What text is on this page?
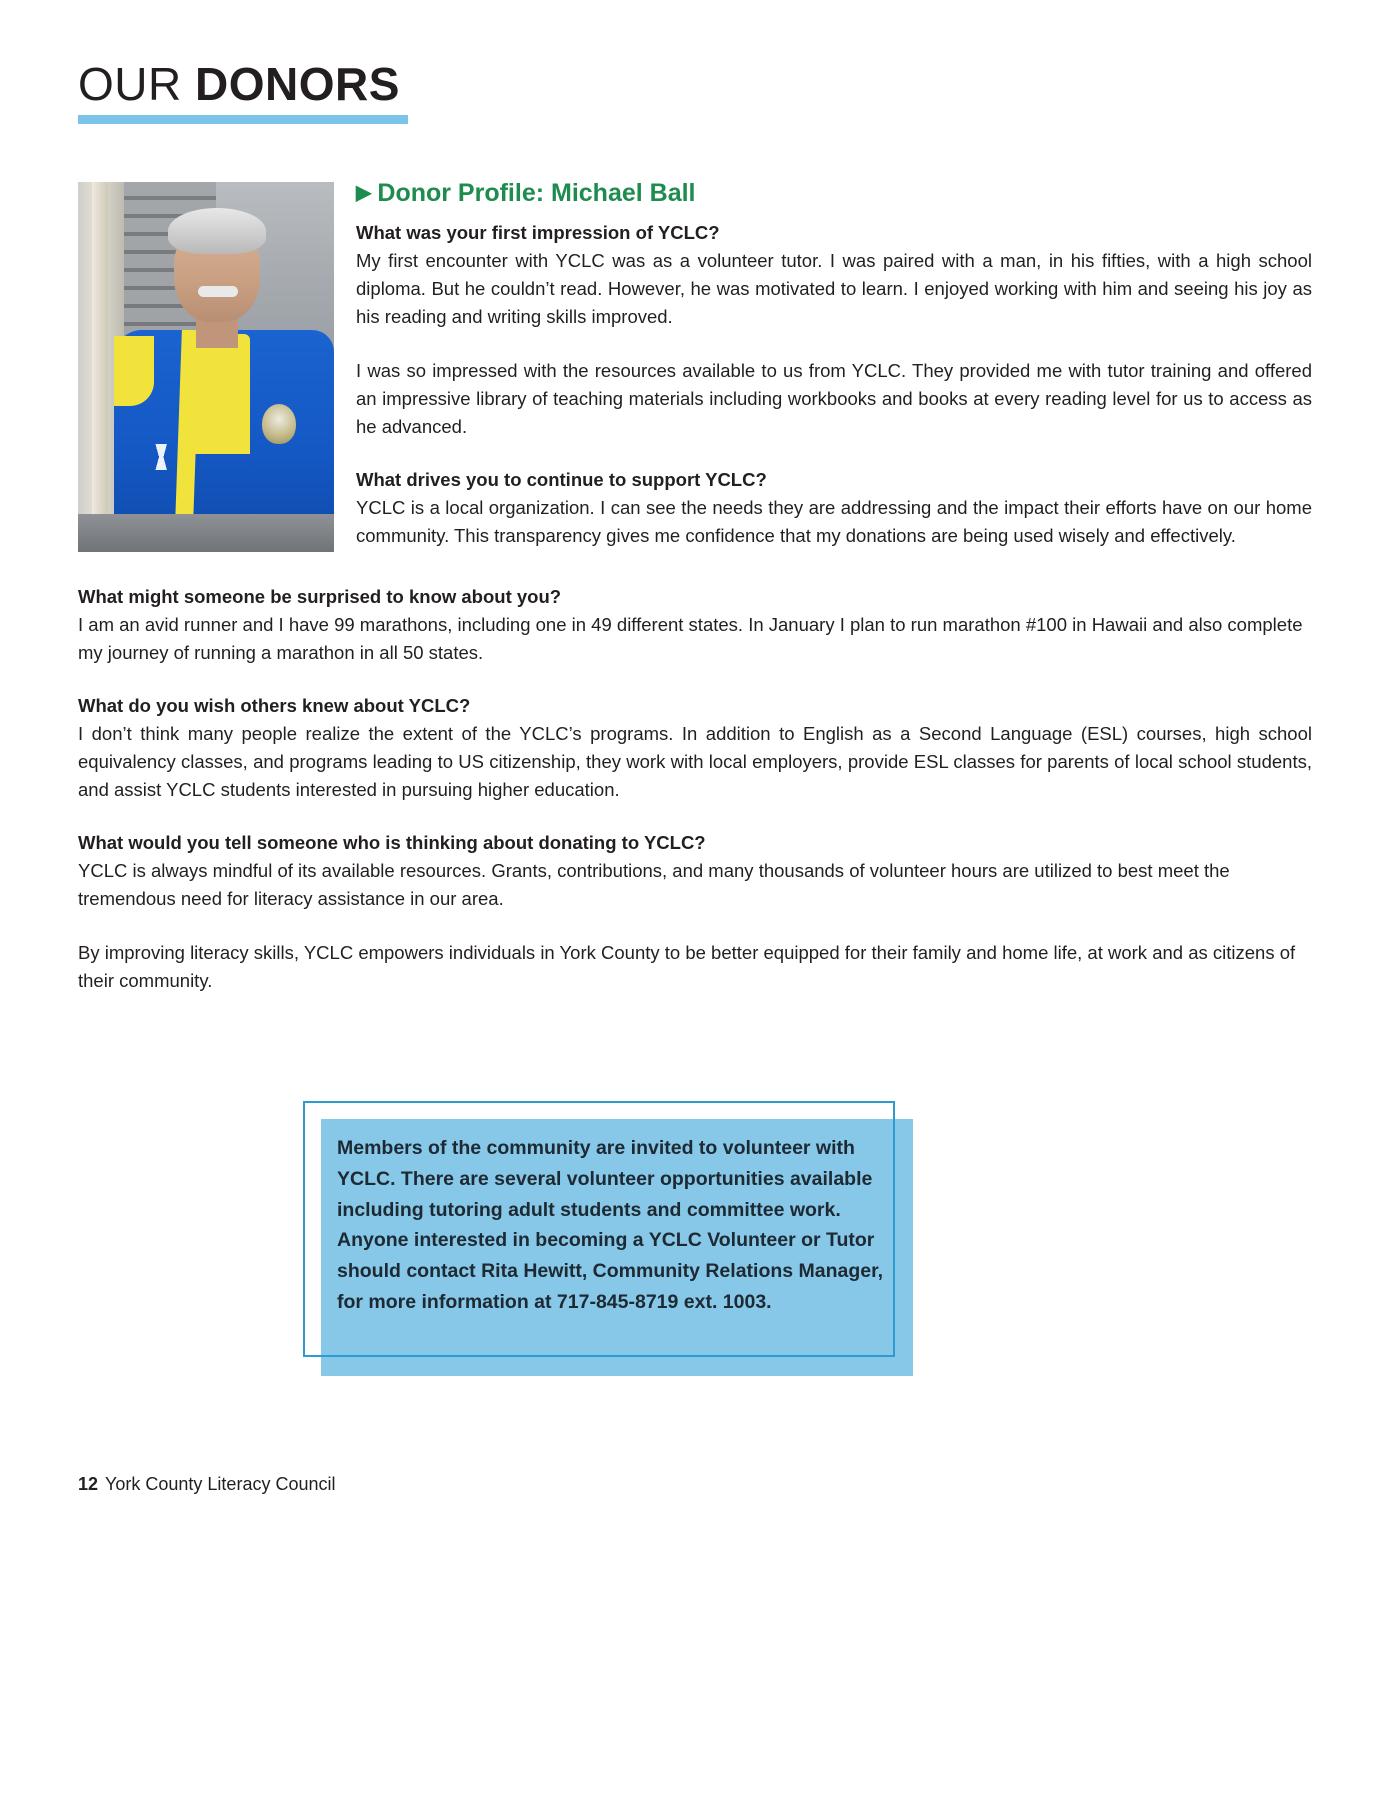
OUR DONORS
▶ Donor Profile: Michael Ball

What was your first impression of YCLC?

My first encounter with YCLC was as a volunteer tutor. I was paired with a man, in his fifties, with a high school diploma. But he couldn’t read. However, he was motivated to learn. I enjoyed working with him and seeing his joy as his reading and writing skills improved.

I was so impressed with the resources available to us from YCLC. They provided me with tutor training and offered an impressive library of teaching materials including workbooks and books at every reading level for us to access as he advanced.

What drives you to continue to support YCLC?

YCLC is a local organization. I can see the needs they are addressing and the impact their efforts have on our home community. This transparency gives me confidence that my donations are being used wisely and effectively.

What might someone be surprised to know about you?

I am an avid runner and I have 99 marathons, including one in 49 different states. In January I plan to run marathon #100 in Hawaii and also complete my journey of running a marathon in all 50 states.

What do you wish others knew about YCLC?

I don’t think many people realize the extent of the YCLC’s programs. In addition to English as a Second Language (ESL) courses, high school equivalency classes, and programs leading to US citizenship, they work with local employers, provide ESL classes for parents of local school students, and assist YCLC students interested in pursuing higher education.

What would you tell someone who is thinking about donating to YCLC?

YCLC is always mindful of its available resources. Grants, contributions, and many thousands of volunteer hours are utilized to best meet the tremendous need for literacy assistance in our area.

By improving literacy skills, YCLC empowers individuals in York County to be better equipped for their family and home life, at work and as citizens of their community.

Members of the community are invited to volunteer with YCLC. There are several volunteer opportunities available including tutoring adult students and committee work. Anyone interested in becoming a YCLC Volunteer or Tutor should contact Rita Hewitt, Community Relations Manager, for more information at 717-845-8719 ext. 1003.
12 York County Literacy Council
